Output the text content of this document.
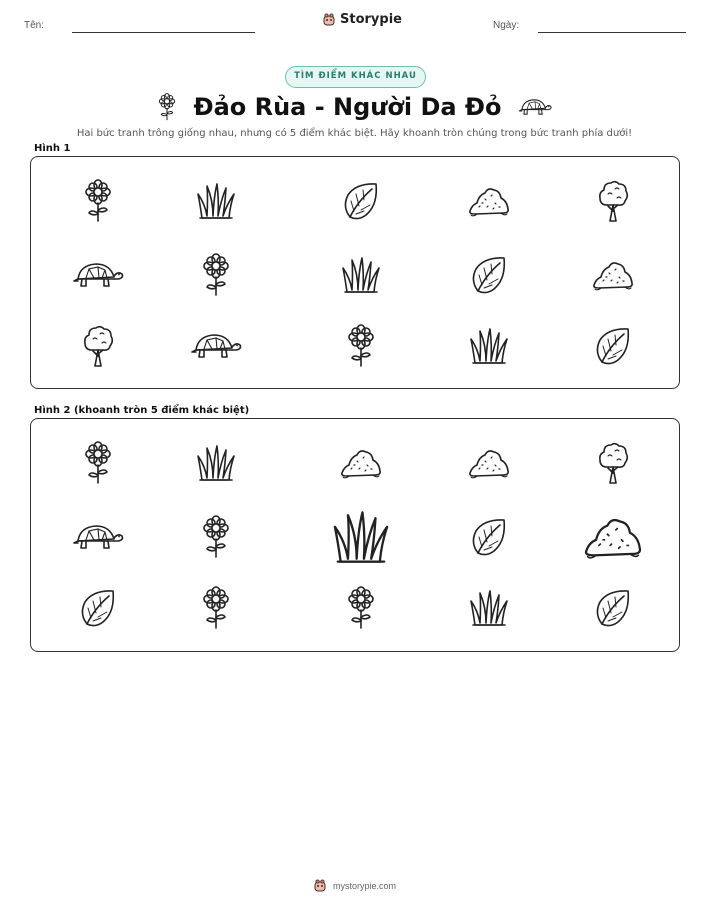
Tên:	Storypie	Ngày:
TÌM ĐIỂM KHÁC NHAU
Đảo Rùa - Người Da Đỏ
Hai bức tranh trông giống nhau, nhưng có 5 điểm khác biệt. Hãy khoanh tròn chúng trong bức tranh phía dưới!
Hình 1
Hình 2 (khoanh tròn 5 điểm khác biệt)
mystorypie.com
